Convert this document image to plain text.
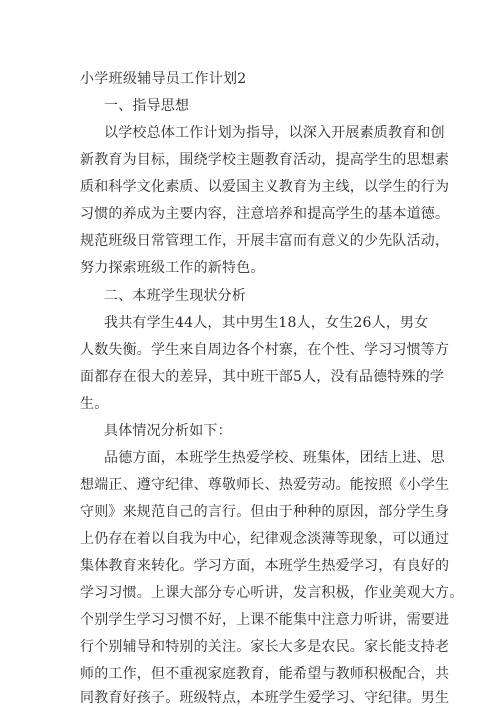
小学班级辅导员工作计划2
一、指导思想
以学校总体工作计划为指导，以深入开展素质教育和创
新教育为目标，围绕学校主题教育活动，提高学生的思想素
质和科学文化素质、以爱国主义教育为主线，以学生的行为
习惯的养成为主要内容，注意培养和提高学生的基本道德。
规范班级日常管理工作，开展丰富而有意义的少先队活动，
努力探索班级工作的新特色。
二、本班学生现状分析
我共有学生44人，其中男生18人，女生26人，男女
人数失衡。学生来自周边各个村寨，在个性、学习习惯等方
面都存在很大的差异，其中班干部5人，没有品德特殊的学
生。
具体情况分析如下：
品德方面，本班学生热爱学校、班集体，团结上进、思
想端正、遵守纪律、尊敬师长、热爱劳动。能按照《小学生
守则》来规范自己的言行。但由于种种的原因，部分学生身
上仍存在着以自我为中心，纪律观念淡薄等现象，可以通过
集体教育来转化。学习方面，本班学生热爱学习，有良好的
学习习惯。上课大部分专心听讲，发言积极，作业美观大方。
个别学生学习习惯不好，上课不能集中注意力听讲，需要进
行个别辅导和特别的关注。家长大多是农民。家长能支持老
师的工作，但不重视家庭教育，能希望与教师积极配合，共
同教育好孩子。班级特点，本班学生爱学习、守纪律。男生
